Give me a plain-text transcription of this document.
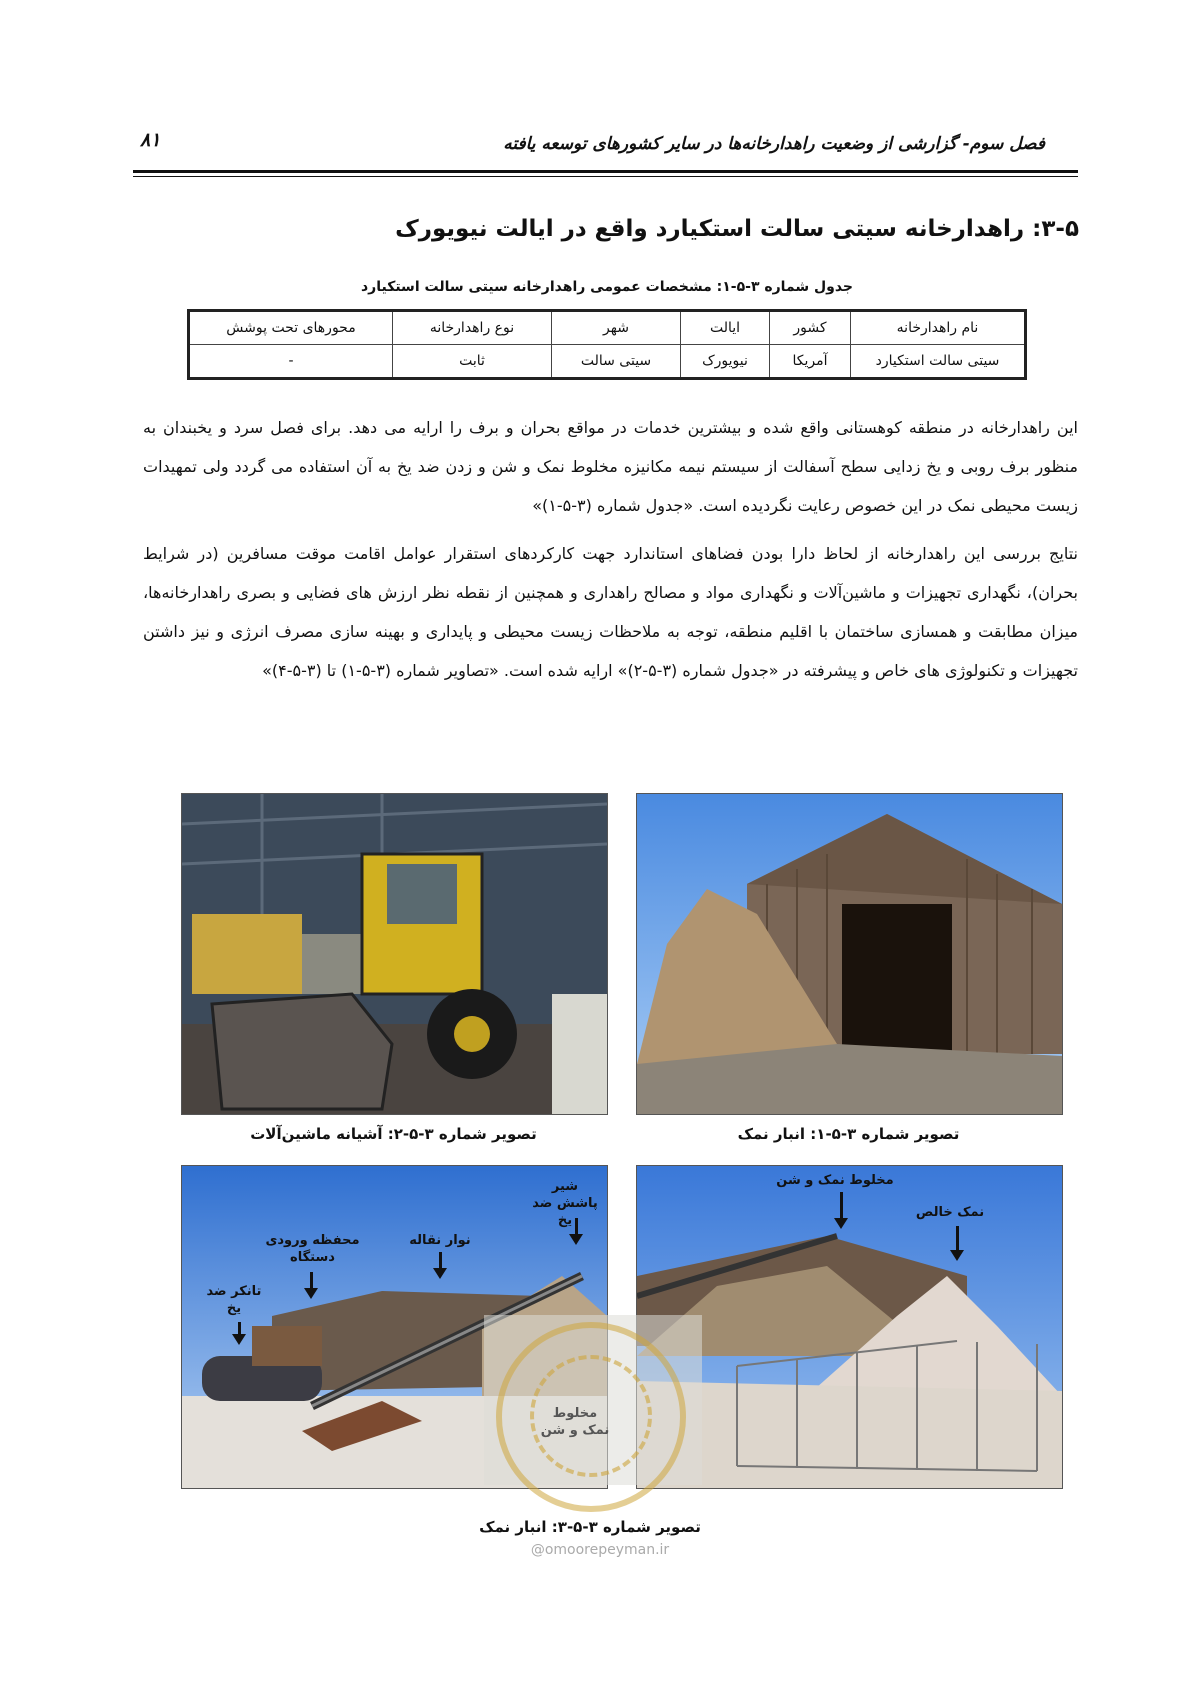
فصل سوم- گزارشی از وضعیت راهدارخانه‌ها در سایر کشورهای توسعه یافته
۸۱
۳-۵: راهدارخانه سیتی سالت استکیارد واقع در ایالت نیویورک
جدول شماره ۳-۵-۱: مشخصات عمومی راهدارخانه سیتی سالت استکیارد
نام راهدارخانه	کشور	ایالت	شهر	نوع راهدارخانه	محورهای تحت پوشش
سیتی سالت استکیارد	آمریکا	نیویورک	سیتی سالت	ثابت	-
این راهدارخانه در منطقه کوهستانی واقع شده و بیشترین خدمات در مواقع بحران و برف را ارایه می دهد. برای فصل سرد و یخبندان به منظور برف روبی و یخ زدایی سطح آسفالت از سیستم نیمه مکانیزه مخلوط نمک و شن و زدن ضد یخ به آن استفاده می گردد ولی تمهیدات زیست محیطی نمک در این خصوص رعایت نگردیده است. «جدول شماره (۳-۵-۱)»
نتایج بررسی این راهدارخانه از لحاظ دارا بودن فضاهای استاندارد جهت کارکردهای استقرار عوامل اقامت موقت مسافرین (در شرایط بحران)، نگهداری تجهیزات و ماشین‌آلات و نگهداری مواد و مصالح راهداری و همچنین از نقطه نظر ارزش های فضایی و بصری راهدارخانه‌ها، میزان مطابقت و همسازی ساختمان با اقلیم منطقه، توجه به ملاحظات زیست محیطی و پایداری و بهینه سازی مصرف انرژی و نیز داشتن تجهیزات و تکنولوژی های خاص و پیشرفته در «جدول شماره (۳-۵-۲)» ارایه شده است. «تصاویر شماره (۳-۵-۱) تا (۳-۵-۴)»
تصویر شماره ۳-۵-۱: انبار نمک
تصویر شماره ۳-۵-۲: آشیانه ماشین‌آلات
مخلوط نمک و شن
نمک خالص
شیر پاشش ضد یخ
نوار نقاله
محفظه ورودی دستگاه
تانکر ضد یخ
مخلوط نمک و شن
تصویر شماره ۳-۵-۳: انبار نمک
@omoorepeyman.ir
